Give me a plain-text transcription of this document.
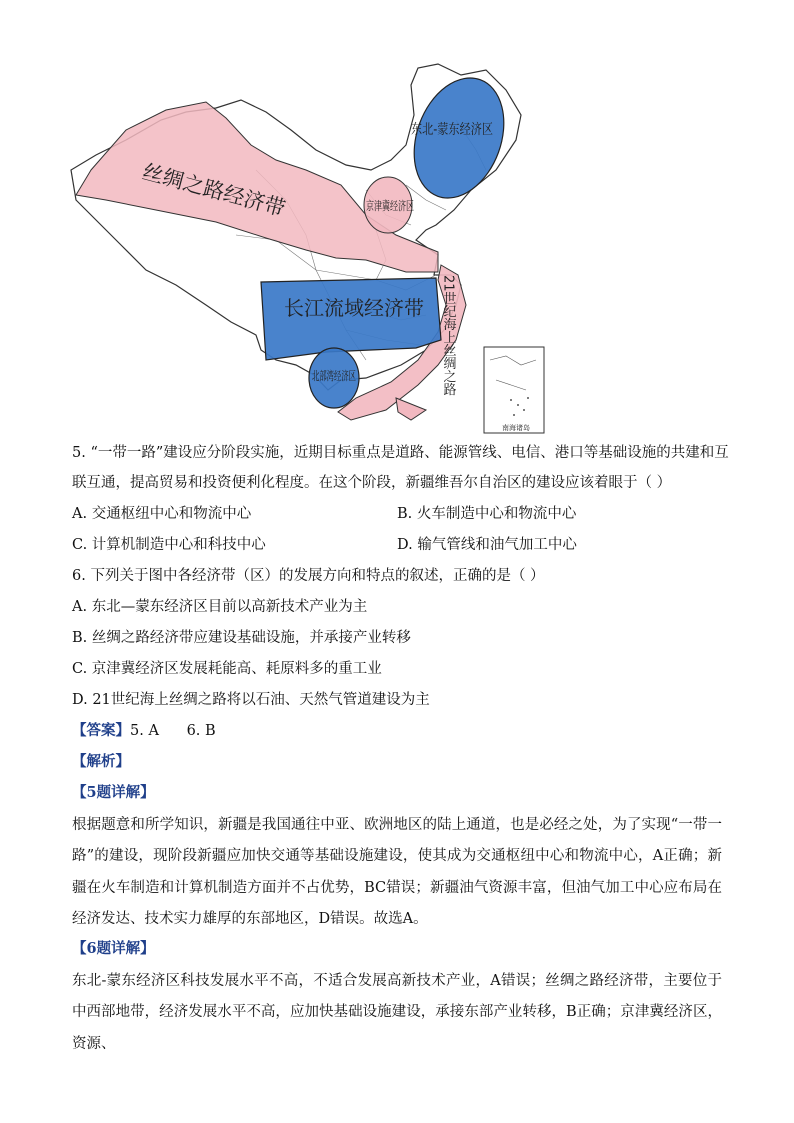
南海诸岛
丝绸之路经济带
长江流域经济带
东北-蒙东经济区
京津冀经济区
北部湾经济区	21世纪海上丝绸之路
5. “一带一路”建设应分阶段实施，近期目标重点是道路、能源管线、电信、港口等基础设施的共建和互
联互通，提高贸易和投资便利化程度。在这个阶段，新疆维吾尔自治区的建设应该着眼于（ ）
A. 交通枢纽中心和物流中心	B. 火车制造中心和物流中心
C. 计算机制造中心和科技中心	D. 输气管线和油气加工中心
6. 下列关于图中各经济带（区）的发展方向和特点的叙述，正确的是（ ）
A. 东北—蒙东经济区目前以高新技术产业为主
B. 丝绸之路经济带应建设基础设施，并承接产业转移
C. 京津冀经济区发展耗能高、耗原料多的重工业
D. 21世纪海上丝绸之路将以石油、天然气管道建设为主
【答案】5. A      6. B
【解析】
【5题详解】
根据题意和所学知识，新疆是我国通往中亚、欧洲地区的陆上通道，也是必经之处，为了实现“一带一路”的建设，现阶段新疆应加快交通等基础设施建设，使其成为交通枢纽中心和物流中心，A正确；新疆在火车制造和计算机制造方面并不占优势，BC错误；新疆油气资源丰富，但油气加工中心应布局在经济发达、技术实力雄厚的东部地区，D错误。故选A。
【6题详解】
东北-蒙东经济区科技发展水平不高，不适合发展高新技术产业，A错误；丝绸之路经济带，主要位于中西部地带，经济发展水平不高，应加快基础设施建设，承接东部产业转移，B正确；京津冀经济区，资源、
